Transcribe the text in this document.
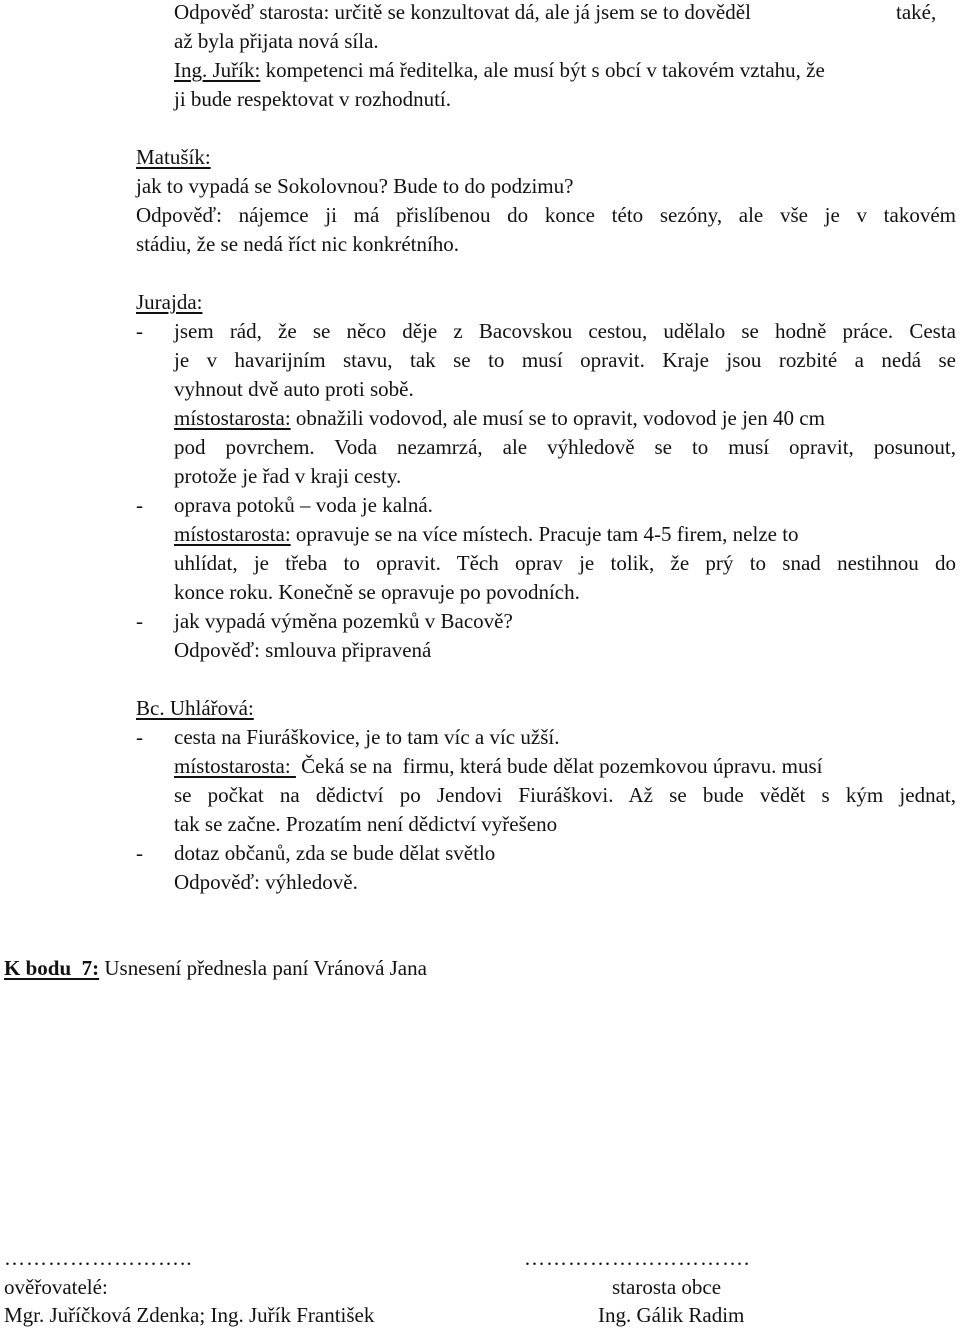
Odpověď starosta: určitě se konzultovat dá, ale já jsem se to dověděl	také,
až byla přijata nová síla.
Ing. Juřík: kompetenci má ředitelka, ale musí být s obcí v takovém vztahu, že
ji bude respektovat v rozhodnutí.
Matušík:
jak to vypadá se Sokolovnou? Bude to do podzimu?
Odpověď: nájemce ji má přislíbenou do konce této sezóny, ale vše je v takovém
stádiu, že se nedá říct nic konkrétního.
Jurajda:
- jsem rád, že se něco děje z Bacovskou cestou, udělalo se hodně práce. Cesta
je v havarijním stavu, tak se to musí opravit. Kraje jsou rozbité a nedá se
vyhnout dvě auto proti sobě.
místostarosta: obnažili vodovod, ale musí se to opravit, vodovod je jen 40 cm
pod povrchem. Voda nezamrzá, ale výhledově se to musí opravit, posunout,
protože je řad v kraji cesty.
- oprava potoků – voda je kalná.
místostarosta: opravuje se na více místech. Pracuje tam 4-5 firem, nelze to
uhlídat, je třeba to opravit. Těch oprav je tolik, že prý to snad nestihnou do
konce roku. Konečně se opravuje po povodních.
- jak vypadá výměna pozemků v Bacově?
Odpověď: smlouva připravená
Bc. Uhlářová:
- cesta na Fiuráškovice, je to tam víc a víc užší.
místostarosta:  Čeká se na  firmu, která bude dělat pozemkovou úpravu. musí
se počkat na dědictví po Jendovi Fiuráškovi. Až se bude vědět s kým jednat,
tak se začne. Prozatím není dědictví vyřešeno
- dotaz občanů, zda se bude dělat světlo
Odpověď: výhledově.
K bodu  7: Usnesení přednesla paní Vránová Jana
……………………..	………………………….
ověřovatelé:	starosta obce
Mgr. Juříčková Zdenka; Ing. Juřík František	Ing. Gálik Radim
